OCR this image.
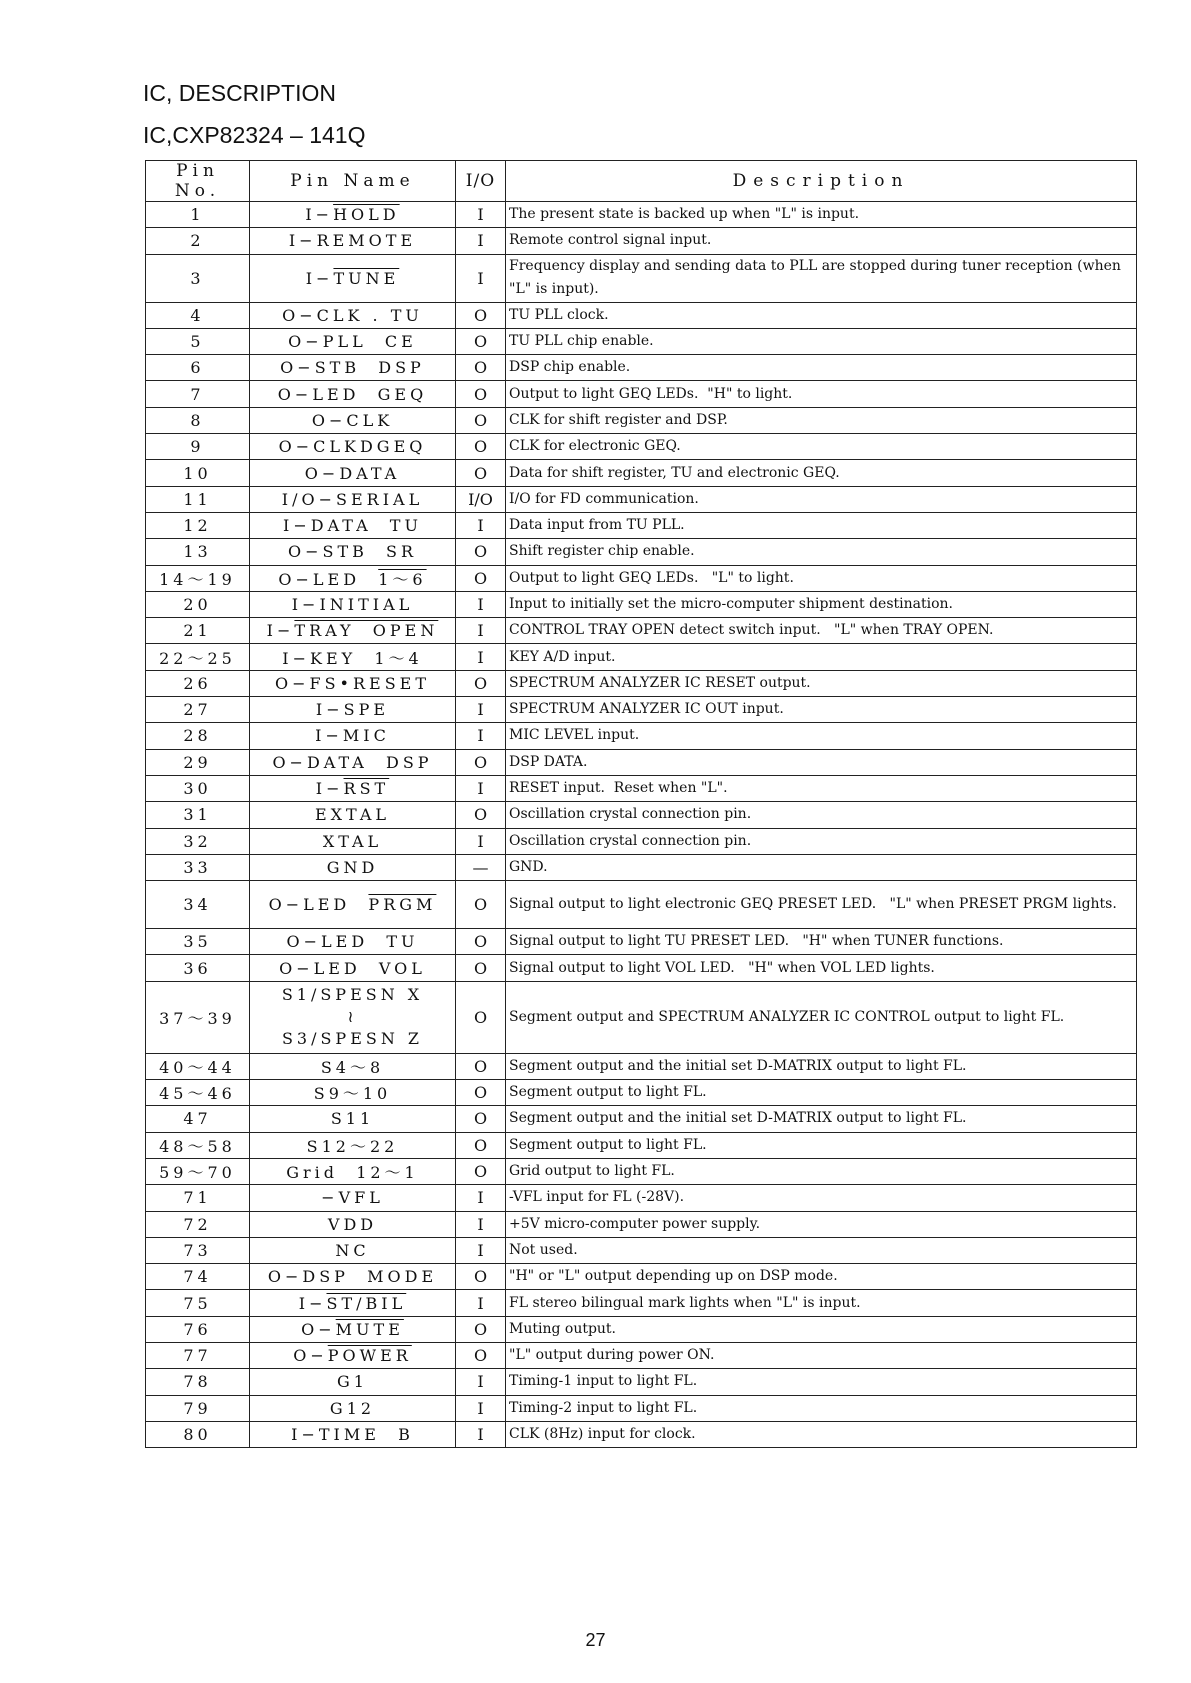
IC, DESCRIPTION
IC,CXP82324 – 141Q
Pin No.	Pin Name	I∕O	Description
1	I−HOLD	I	The present state is backed up when "L" is input.
2	I−REMOTE	I	Remote control signal input.
3	I−TUNE	I	Frequency display and sending data to PLL are stopped during tuner reception (when "L" is input).
4	O−CLK . TU	O	TU PLL clock.
5	O−PLL  CE	O	TU PLL chip enable.
6	O−STB  DSP	O	DSP chip enable.
7	O−LED  GEQ	O	Output to light GEQ LEDs.  "H" to light.
8	O−CLK	O	CLK for shift register and DSP.
9	O−CLKDGEQ	O	CLK for electronic GEQ.
10	O−DATA	O	Data for shift register, TU and electronic GEQ.
11	I∕O−SERIAL	I∕O	I/O for FD communication.
12	I−DATA  TU	I	Data input from TU PLL.
13	O−STB  SR	O	Shift register chip enable.
14〜19	O−LED  1〜6	O	Output to light GEQ LEDs.   "L" to light.
20	I−INITIAL	I	Input to initially set the micro-computer shipment destination.
21	I−TRAY  OPEN	I	CONTROL TRAY OPEN detect switch input.   "L" when TRAY OPEN.
22〜25	I−KEY  1〜4	I	KEY A/D input.
26	O−FS•RESET	O	SPECTRUM ANALYZER IC RESET output.
27	I−SPE	I	SPECTRUM ANALYZER IC OUT input.
28	I−MIC	I	MIC LEVEL input.
29	O−DATA  DSP	O	DSP DATA.
30	$I-\overline{RST}$	I	RESET input.  Reset when "L".
31	EXTAL	O	Oscillation crystal connection pin.
32	XTAL	I	Oscillation crystal connection pin.
33	GND	—	GND.
34	O−LED  PRGM	O	Signal output to light electronic GEQ PRESET LED.   "L" when PRESET PRGM lights.
35	O−LED  TU	O	Signal output to light TU PRESET LED.   "H" when TUNER functions.
36	O−LED  VOL	O	Signal output to light VOL LED.   "H" when VOL LED lights.
37〜39	S1/SPESN X
≀
S3/SPESN Z	O	Segment output and SPECTRUM ANALYZER IC CONTROL output to light FL.
40〜44	S4〜8	O	Segment output and the initial set D-MATRIX output to light FL.
45〜46	S9〜10	O	Segment output to light FL.
47	S11	O	Segment output and the initial set D-MATRIX output to light FL.
48〜58	S12〜22	O	Segment output to light FL.
59〜70	Grid  12〜1	O	Grid output to light FL.
71	−VFL	I	-VFL input for FL (-28V).
72	VDD	I	+5V micro-computer power supply.
73	NC	I	Not used.
74	O−DSP  MODE	O	"H" or "L" output depending up on DSP mode.
75	I−ST/BIL	I	FL stereo bilingual mark lights when "L" is input.
76	O−MUTE	O	Muting output.
77	O−POWER	O	"L" output during power ON.
78	G1	I	Timing-1 input to light FL.
79	G12	I	Timing-2 input to light FL.
80	I−TIME  B	I	CLK (8Hz) input for clock.
27
